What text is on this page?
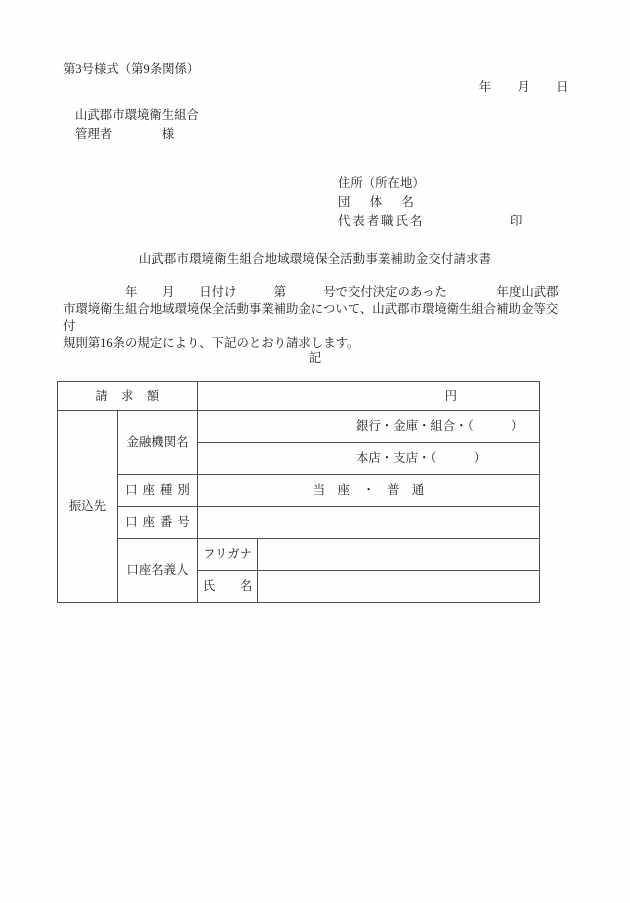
第3号様式（第9条関係）
年　　月　　日
山武郡市環境衛生組合
管理者　　　　様
住所（所在地）
団　体　名
代表者職氏名	印
山武郡市環境衛生組合地域環境保全活動事業補助金交付請求書
　　　　　年　　月　　日付け　　　第　　　号で交付決定のあった　　　　年度山武郡
市環境衛生組合地域環境保全活動事業補助金について、山武郡市環境衛生組合補助金等交付
規則第16条の規定により、下記のとおり請求します。
記
請　求　額		円	
振込先	金融機関名	銀行・金庫・組合・（　　　）	
		本店・支店・（　　　）	
	口座種別	当　座　・　普　通	
	口座番号		
	口座名義人	フリガナ	
		氏　　名	
